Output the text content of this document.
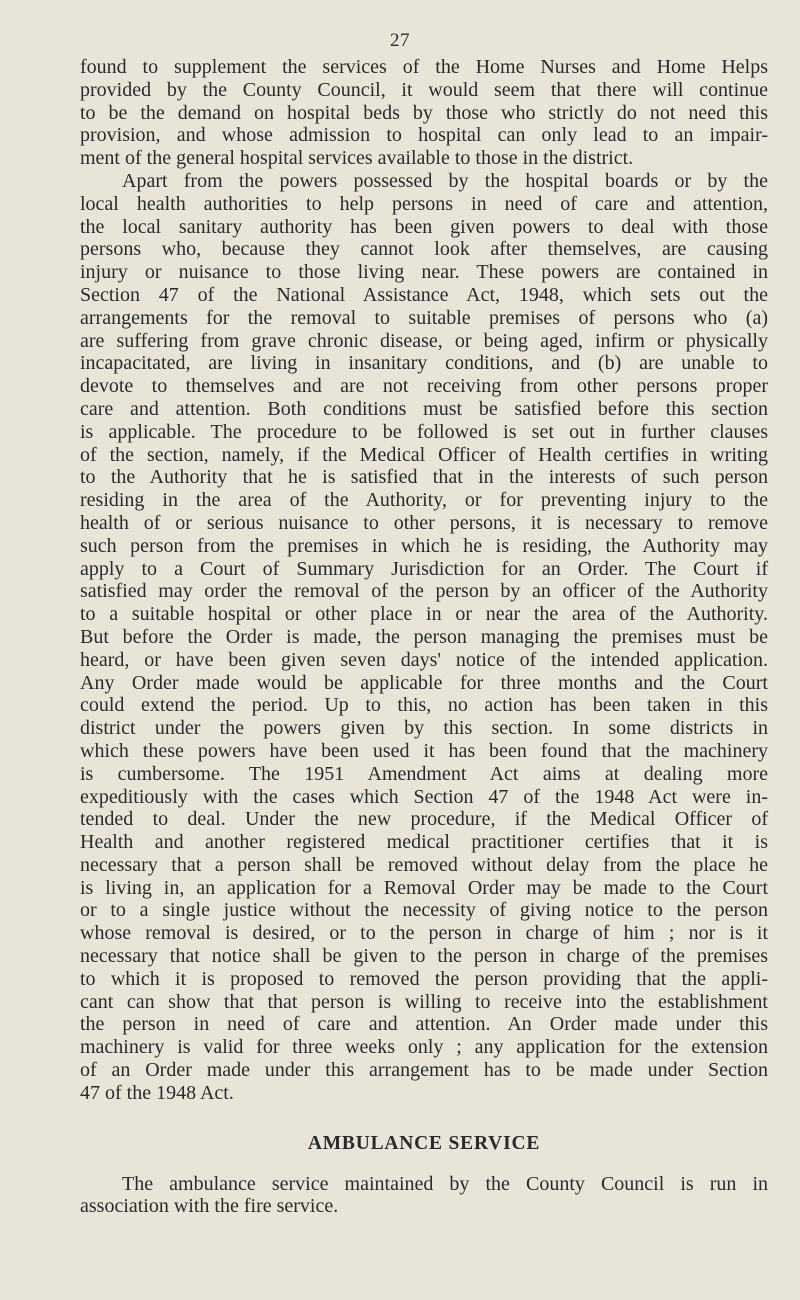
27

found to supplement the services of the Home Nurses and Home Helps
provided by the County Council, it would seem that there will continue
to be the demand on hospital beds by those who strictly do not need this
provision, and whose admission to hospital can only lead to an impair-
ment of the general hospital services available to those in the district.

Apart from the powers possessed by the hospital boards or by the
local health authorities to help persons in need of care and attention,
the local sanitary authority has been given powers to deal with those
persons who, because they cannot look after themselves, are causing
injury or nuisance to those living near. These powers are contained in
Section 47 of the National Assistance Act, 1948, which sets out the
arrangements for the removal to suitable premises of persons who (a)
are suffering from grave chronic disease, or being aged, infirm or physically
incapacitated, are living in insanitary conditions, and (b) are unable to
devote to themselves and are not receiving from other persons proper
care and attention. Both conditions must be satisfied before this section
is applicable. The procedure to be followed is set out in further clauses
of the section, namely, if the Medical Officer of Health certifies in writing
to the Authority that he is satisfied that in the interests of such person
residing in the area of the Authority, or for preventing injury to the
health of or serious nuisance to other persons, it is necessary to remove
such person from the premises in which he is residing, the Authority may
apply to a Court of Summary Jurisdiction for an Order. The Court if
satisfied may order the removal of the person by an officer of the Authority
to a suitable hospital or other place in or near the area of the Authority.
But before the Order is made, the person managing the premises must be
heard, or have been given seven days' notice of the intended application.
Any Order made would be applicable for three months and the Court
could extend the period. Up to this, no action has been taken in this
district under the powers given by this section. In some districts in
which these powers have been used it has been found that the machinery
is cumbersome. The 1951 Amendment Act aims at dealing more
expeditiously with the cases which Section 47 of the 1948 Act were in-
tended to deal. Under the new procedure, if the Medical Officer of
Health and another registered medical practitioner certifies that it is
necessary that a person shall be removed without delay from the place he
is living in, an application for a Removal Order may be made to the Court
or to a single justice without the necessity of giving notice to the person
whose removal is desired, or to the person in charge of him ; nor is it
necessary that notice shall be given to the person in charge of the premises
to which it is proposed to removed the person providing that the appli-
cant can show that that person is willing to receive into the establishment
the person in need of care and attention. An Order made under this
machinery is valid for three weeks only ; any application for the extension
of an Order made under this arrangement has to be made under Section
47 of the 1948 Act.

AMBULANCE SERVICE

The ambulance service maintained by the County Council is run in
association with the fire service.
